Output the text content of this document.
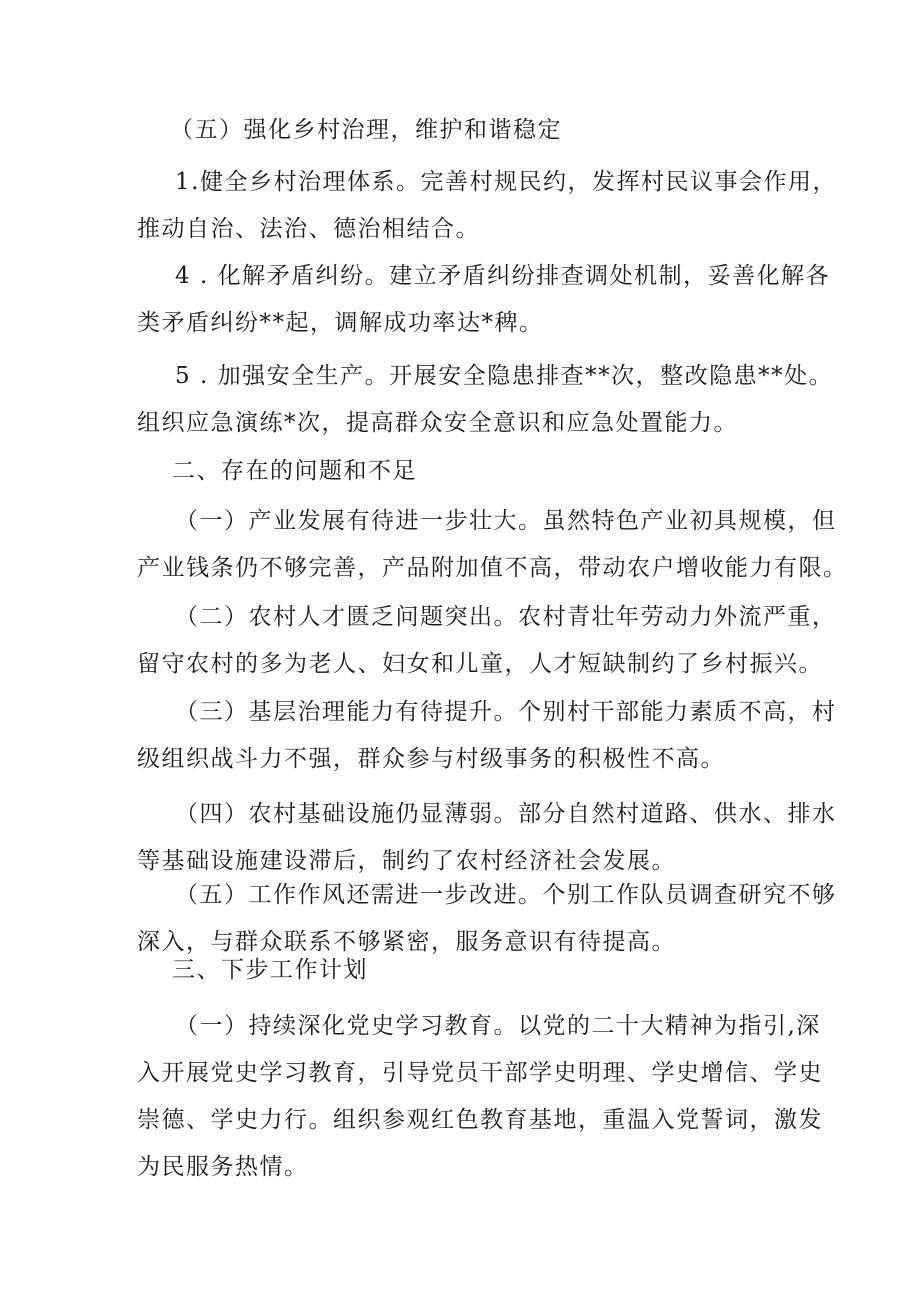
（五）强化乡村治理，维护和谐稳定

1.健全乡村治理体系。完善村规民约，发挥村民议事会作用，
推动自治、法治、德治相结合。

4 . 化解矛盾纠纷。建立矛盾纠纷排查调处机制，妥善化解各
类矛盾纠纷**起，调解成功率达*稗。

5 . 加强安全生产。开展安全隐患排查**次，整改隐患**处。
组织应急演练*次，提高群众安全意识和应急处置能力。

二、存在的问题和不足

（一）产业发展有待进一步壮大。虽然特色产业初具规模，但
产业钱条仍不够完善，产品附加值不高，带动农户增收能力有限。

（二）农村人才匮乏问题突出。农村青壮年劳动力外流严重，
留守农村的多为老人、妇女和儿童，人才短缺制约了乡村振兴。

（三）基层治理能力有待提升。个别村干部能力素质不高，村
级组织战斗力不强，群众参与村级事务的积极性不高。

（四）农村基础设施仍显薄弱。部分自然村道路、供水、排水
等基础设施建设滞后，制约了农村经济社会发展。

（五）工作作风还需进一步改进。个别工作队员调查研究不够
深入，与群众联系不够紧密，服务意识有待提高。

三、下步工作计划

（一）持续深化党史学习教育。以党的二十大精神为指引,深
入开展党史学习教育，引导党员干部学史明理、学史增信、学史
崇德、学史力行。组织参观红色教育基地，重温入党誓词，激发
为民服务热情。
